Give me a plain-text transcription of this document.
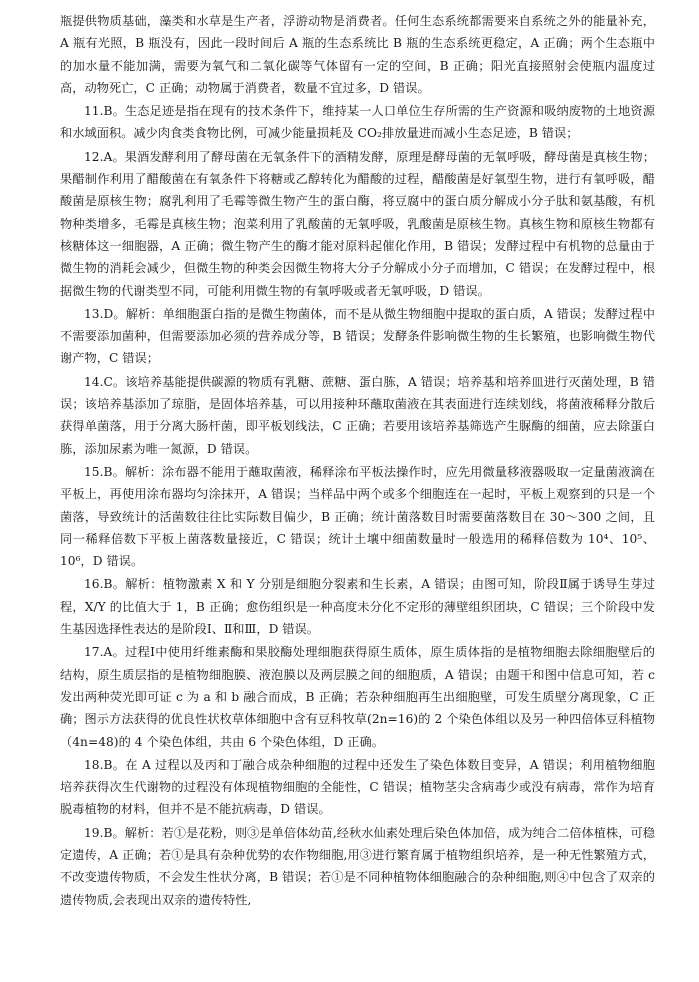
瓶提供物质基础，藻类和水草是生产者，浮游动物是消费者。任何生态系统都需要来自系统之外的能量补充，A 瓶有光照，B 瓶没有，因此一段时间后 A 瓶的生态系统比 B 瓶的生态系统更稳定，A 正确；两个生态瓶中的加水量不能加满，需要为氧气和二氧化碳等气体留有一定的空间，B 正确；阳光直接照射会使瓶内温度过高，动物死亡，C 正确；动物属于消费者，数量不宜过多，D 错误。

11.B。生态足迹是指在现有的技术条件下，维持某一人口单位生存所需的生产资源和吸纳废物的土地资源和水域面积。减少肉食类食物比例，可减少能量损耗及 CO₂排放量进而减小生态足迹，B 错误；

12.A。果酒发酵利用了酵母菌在无氧条件下的酒精发酵，原理是酵母菌的无氧呼吸，酵母菌是真核生物；果醋制作利用了醋酸菌在有氧条件下将糖或乙醇转化为醋酸的过程，醋酸菌是好氧型生物，进行有氧呼吸，醋酸菌是原核生物；腐乳利用了毛霉等微生物产生的蛋白酶，将豆腐中的蛋白质分解成小分子肽和氨基酸，有机物种类增多，毛霉是真核生物；泡菜利用了乳酸菌的无氧呼吸，乳酸菌是原核生物。真核生物和原核生物都有核糖体这一细胞器，A 正确；微生物产生的酶才能对原料起催化作用，B 错误；发酵过程中有机物的总量由于微生物的消耗会减少，但微生物的种类会因微生物将大分子分解成小分子而增加，C 错误；在发酵过程中，根据微生物的代谢类型不同，可能利用微生物的有氧呼吸或者无氧呼吸，D 错误。

13.D。解析：单细胞蛋白指的是微生物菌体，而不是从微生物细胞中提取的蛋白质，A 错误；发酵过程中不需要添加菌种，但需要添加必须的营养成分等，B 错误；发酵条件影响微生物的生长繁殖，也影响微生物代谢产物，C 错误；

14.C。该培养基能提供碳源的物质有乳糖、蔗糖、蛋白胨，A 错误；培养基和培养皿进行灭菌处理，B 错误；该培养基添加了琼脂，是固体培养基，可以用接种环蘸取菌液在其表面进行连续划线，将菌液稀释分散后获得单菌落，用于分离大肠杆菌，即平板划线法，C 正确；若要用该培养基筛选产生脲酶的细菌，应去除蛋白胨，添加尿素为唯一氮源，D 错误。

15.B。解析：涂布器不能用于蘸取菌液，稀释涂布平板法操作时，应先用微量移液器吸取一定量菌液滴在平板上，再使用涂布器均匀涂抹开，A 错误；当样品中两个或多个细胞连在一起时，平板上观察到的只是一个菌落，导致统计的活菌数往往比实际数目偏少，B 正确；统计菌落数目时需要菌落数目在 30～300 之间，且同一稀释倍数下平板上菌落数量接近，C 错误；统计土壤中细菌数量时一般选用的稀释倍数为 10⁴、10⁵、10⁶，D 错误。

16.B。解析：植物激素 X 和 Y 分别是细胞分裂素和生长素，A 错误；由图可知，阶段Ⅱ属于诱导生芽过程，X/Y 的比值大于 1，B 正确；愈伤组织是一种高度未分化不定形的薄壁组织团块，C 错误；三个阶段中发生基因选择性表达的是阶段Ⅰ、Ⅱ和Ⅲ，D 错误。

17.A。过程Ⅰ中使用纤维素酶和果胶酶处理细胞获得原生质体，原生质体指的是植物细胞去除细胞壁后的结构，原生质层指的是植物细胞膜、液泡膜以及两层膜之间的细胞质，A 错误；由题干和图中信息可知，若 c 发出两种荧光即可证 c 为 a 和 b 融合而成，B 正确；若杂种细胞再生出细胞壁，可发生质壁分离现象，C 正确；图示方法获得的优良性状枚草体细胞中含有豆科牧草(2n=16)的 2 个染色体组以及另一种四倍体豆科植物（4n=48)的 4 个染色体组，共由 6 个染色体组，D 正确。

18.B。在 A 过程以及丙和丁融合成杂种细胞的过程中还发生了染色体数目变异，A 错误；利用植物细胞培养获得次生代谢物的过程没有体现植物细胞的全能性，C 错误；植物茎尖含病毒少或没有病毒，常作为培育脱毒植物的材料，但并不是不能抗病毒，D 错误。

19.B。解析：若①是花粉，则③是单倍体幼苗,经秋水仙素处理后染色体加倍，成为纯合二倍体植株，可稳定遗传，A 正确；若①是具有杂种优势的农作物细胞,用③进行繁育属于植物组织培养，是一种无性繁殖方式，不改变遗传物质，不会发生性状分离，B 错误；若①是不同种植物体细胞融合的杂种细胞,则④中包含了双亲的遗传物质,会表现出双亲的遗传特性,
